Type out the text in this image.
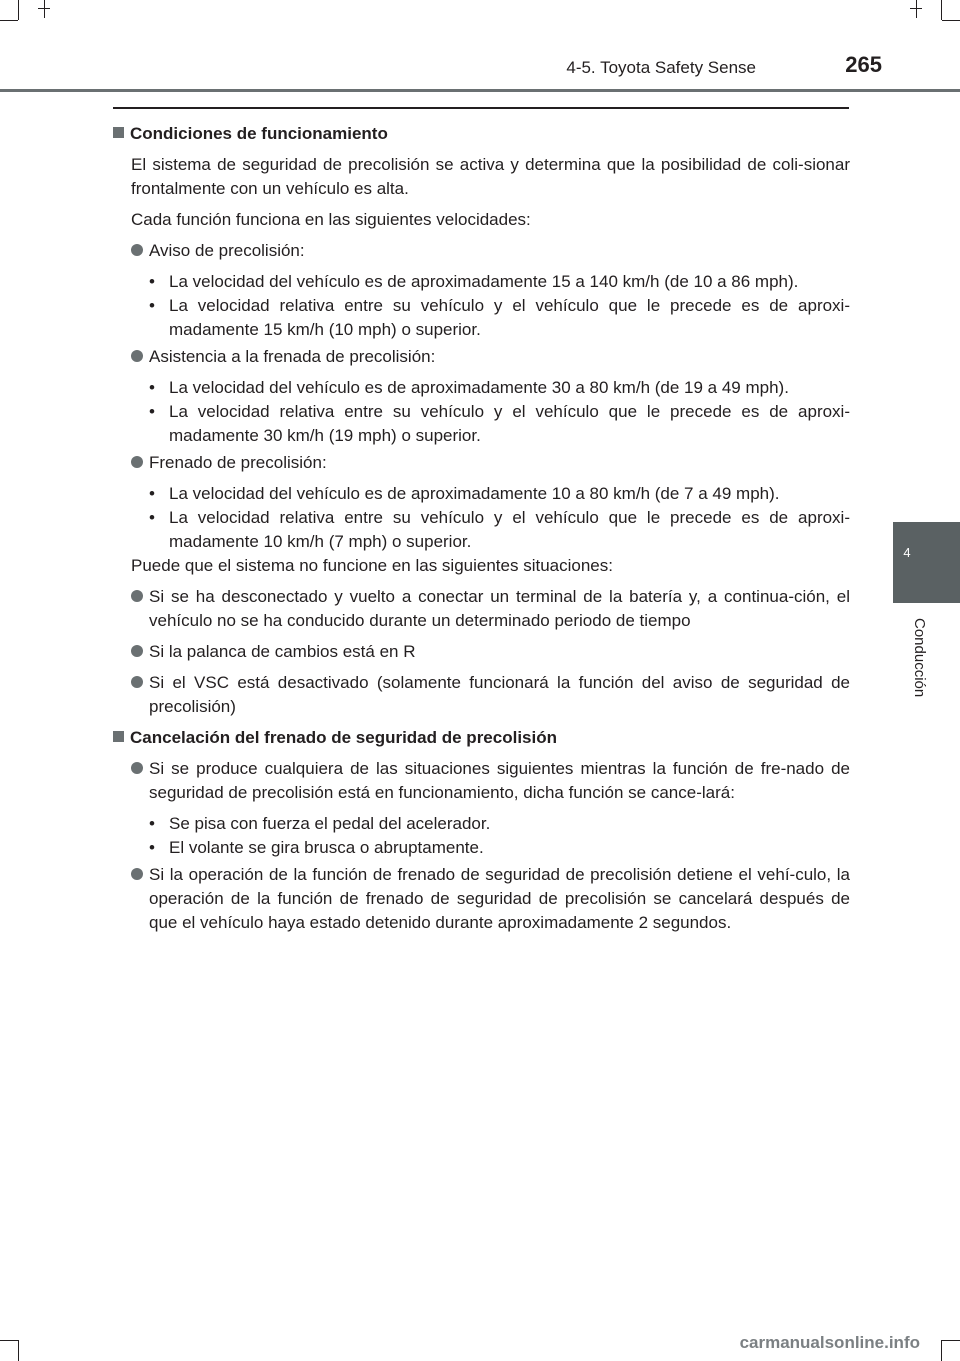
4-5. Toyota Safety Sense	265
4
Conducción
Condiciones de funcionamiento
El sistema de seguridad de precolisión se activa y determina que la posibilidad de coli-sionar frontalmente con un vehículo es alta.
Cada función funciona en las siguientes velocidades:
Aviso de precolisión:
• La velocidad del vehículo es de aproximadamente 15 a 140 km/h (de 10 a 86 mph).
• La velocidad relativa entre su vehículo y el vehículo que le precede es de aproxi-madamente 15 km/h (10 mph) o superior.
Asistencia a la frenada de precolisión:
• La velocidad del vehículo es de aproximadamente 30 a 80 km/h (de 19 a 49 mph).
• La velocidad relativa entre su vehículo y el vehículo que le precede es de aproxi-madamente 30 km/h (19 mph) o superior.
Frenado de precolisión:
• La velocidad del vehículo es de aproximadamente 10 a 80 km/h (de 7 a 49 mph).
• La velocidad relativa entre su vehículo y el vehículo que le precede es de aproxi-madamente 10 km/h (7 mph) o superior.
Puede que el sistema no funcione en las siguientes situaciones:
Si se ha desconectado y vuelto a conectar un terminal de la batería y, a continua-ción, el vehículo no se ha conducido durante un determinado periodo de tiempo
Si la palanca de cambios está en R
Si el VSC está desactivado (solamente funcionará la función del aviso de seguridad de precolisión)
Cancelación del frenado de seguridad de precolisión
Si se produce cualquiera de las situaciones siguientes mientras la función de fre-nado de seguridad de precolisión está en funcionamiento, dicha función se cance-lará:
• Se pisa con fuerza el pedal del acelerador.
• El volante se gira brusca o abruptamente.
Si la operación de la función de frenado de seguridad de precolisión detiene el vehí-culo, la operación de la función de frenado de seguridad de precolisión se cancelará después de que el vehículo haya estado detenido durante aproximadamente 2 segundos.
carmanualsonline.info
